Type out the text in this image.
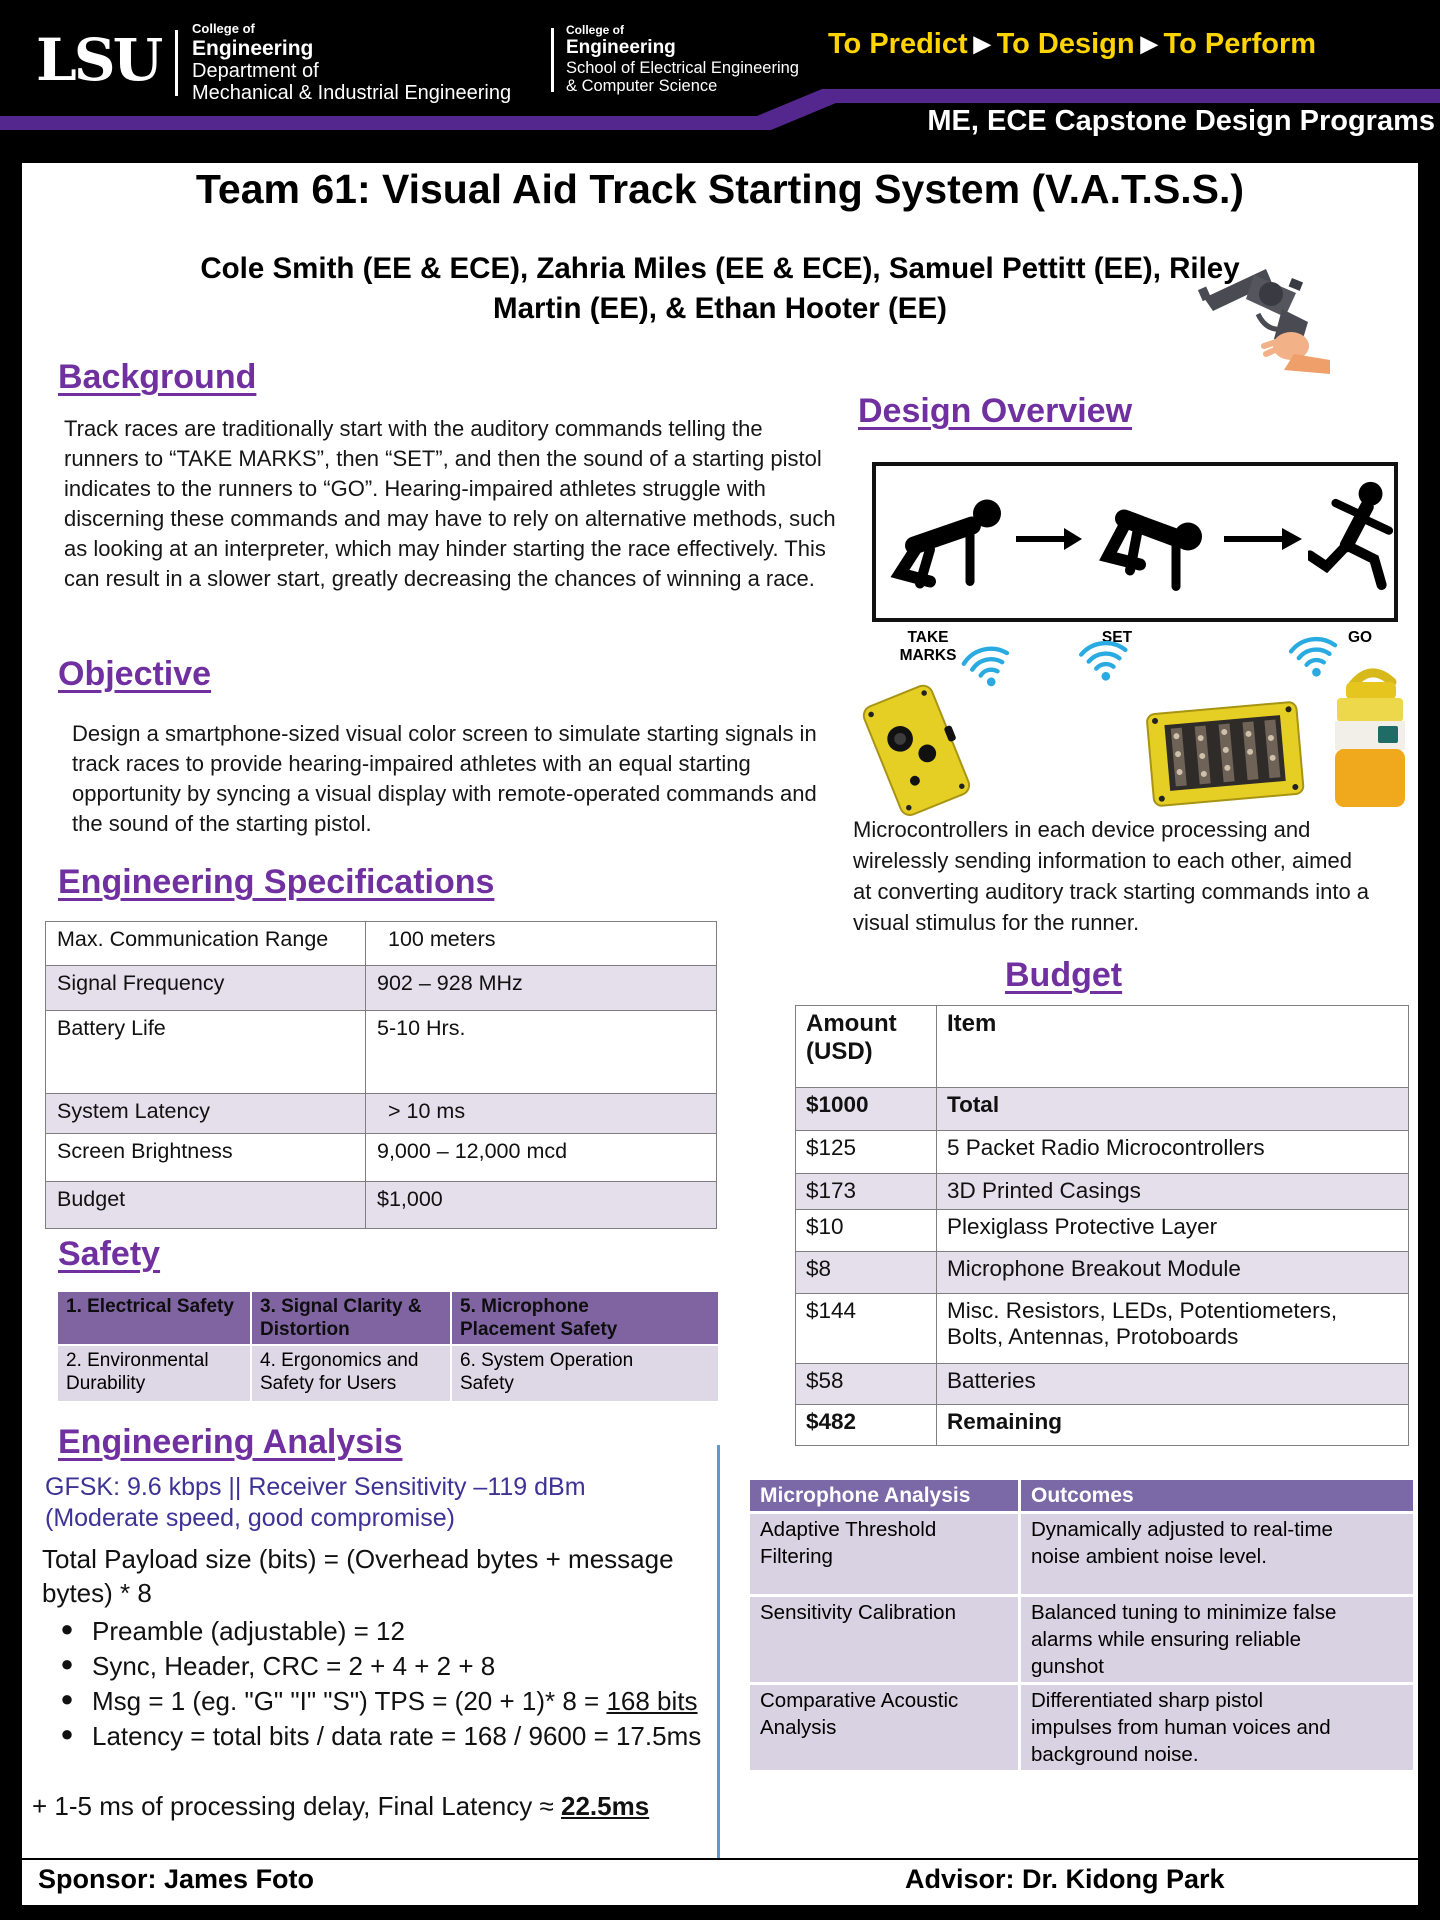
LSU College of
Engineering
Department of
Mechanical & Industrial Engineering
College of
Engineering
School of Electrical Engineering
& Computer Science
To Predict ▶ To Design ▶ To Perform
ME, ECE Capstone Design Programs
Team 61: Visual Aid Track Starting System (V.A.T.S.S.)
Cole Smith (EE & ECE), Zahria Miles (EE & ECE), Samuel Pettitt (EE), Riley
Martin (EE), & Ethan Hooter (EE)
Background
Track races are traditionally start with the auditory commands telling the runners to “TAKE MARKS”, then “SET”, and then the sound of a starting pistol indicates to the runners to “GO”. Hearing-impaired athletes struggle with discerning these commands and may have to rely on alternative methods, such as looking at an interpreter, which may hinder starting the race effectively. This can result in a slower start, greatly decreasing the chances of winning a race.
Objective
Design a smartphone-sized visual color screen to simulate starting signals in track races to provide hearing-impaired athletes with an equal starting opportunity by syncing a visual display with remote-operated commands and the sound of the starting pistol.
Engineering Specifications
Max. Communication Range	100 meters
Signal Frequency	902 – 928 MHz
Battery Life	5-10 Hrs.
System Latency	> 10 ms
Screen Brightness	9,000 – 12,000 mcd
Budget	$1,000
Safety
1. Electrical Safety	3. Signal Clarity & Distortion	5. Microphone Placement Safety
2. Environmental Durability	4. Ergonomics and Safety for Users	6. System Operation Safety
Engineering Analysis
GFSK: 9.6 kbps || Receiver Sensitivity –119 dBm
(Moderate speed, good compromise)
Total Payload size (bits) = (Overhead bytes + message bytes) * 8
● Preamble (adjustable) = 12
● Sync, Header, CRC = 2 + 4 + 2 + 8
● Msg = 1 (eg. "G" "I" "S") TPS = (20 + 1)* 8 = 168 bits
● Latency = total bits / data rate = 168 / 9600 = 17.5ms
+ 1-5 ms of processing delay, Final Latency ≈ 22.5ms
Design Overview
TAKE MARKS
SET	GO
Microcontrollers in each device processing and wirelessly sending information to each other, aimed at converting auditory track starting commands into a visual stimulus for the runner.
Budget
Amount (USD)	Item
$1000	Total
$125	5 Packet Radio Microcontrollers
$173	3D Printed Casings
$10	Plexiglass Protective Layer
$8	Microphone Breakout Module
$144	Misc. Resistors, LEDs, Potentiometers, Bolts, Antennas, Protoboards
$58	Batteries
$482	Remaining
Microphone Analysis	Outcomes
Adaptive Threshold Filtering	Dynamically adjusted to real-time noise ambient noise level.
Sensitivity Calibration	Balanced tuning to minimize false alarms while ensuring reliable gunshot
Comparative Acoustic Analysis	Differentiated sharp pistol impulses from human voices and background noise.
Sponsor: James Foto	Advisor: Dr. Kidong Park
